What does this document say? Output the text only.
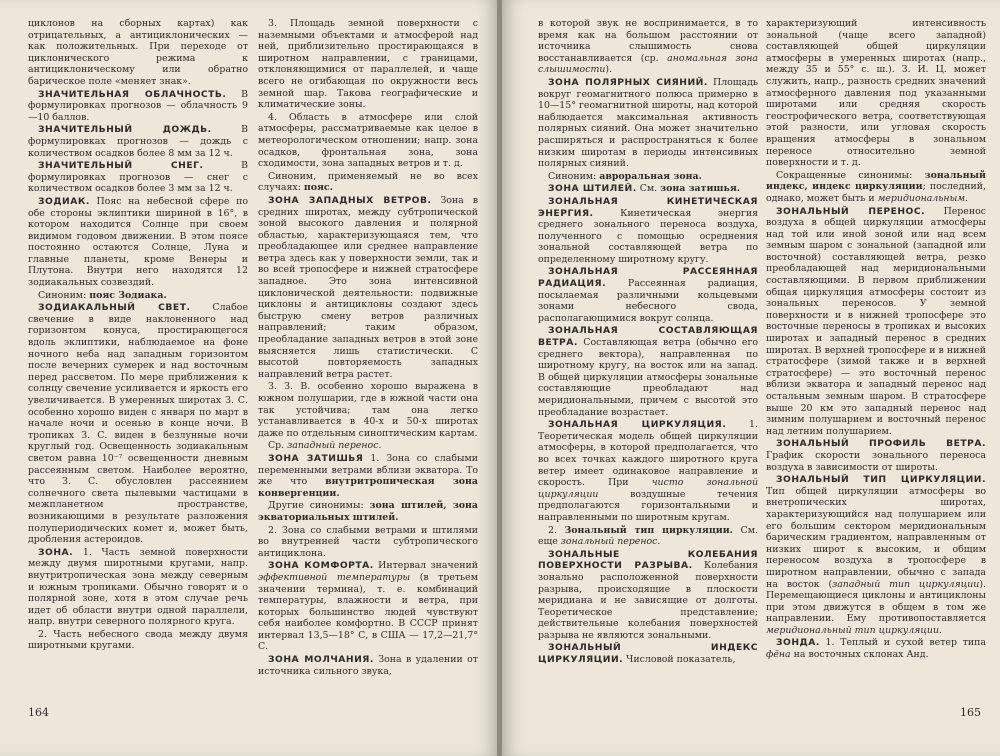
циклонов на сборных картах) как отрицательных, а антициклонических — как положительных. При переходе от циклонического режима к антициклоническому или обратно барическое поле «меняет знак».

ЗНАЧИТЕЛЬНАЯ ОБЛАЧНОСТЬ. В формулировках прогнозов — облачность 9—10 баллов.

ЗНАЧИТЕЛЬНЫЙ ДОЖДЬ. В формулировках прогнозов — дождь с количеством осадков более 8 мм за 12 ч.

ЗНАЧИТЕЛЬНЫЙ СНЕГ. В формулировках прогнозов — снег с количеством осадков более 3 мм за 12 ч.

ЗОДИАК. Пояс на небесной сфере по обе стороны эклиптики шириной в 16°, в котором находится Солнце при своем видимом годовом движении. В этом поясе постоянно остаются Солнце, Луна и главные планеты, кроме Венеры и Плутона. Внутри него находятся 12 зодиакальных созвездий.

Синоним: пояс Зодиака.

ЗОДИАКАЛЬНЫЙ СВЕТ. Слабое свечение в виде наклоненного над горизонтом конуса, простирающегося вдоль эклиптики, наблюдаемое на фоне ночного неба над западным горизонтом после вечерних сумерек и над восточным перед рассветом. По мере приближения к солнцу свечение усиливается и яркость его увеличивается. В умеренных широтах З. С. особенно хорошо виден с января по март в начале ночи и осенью в конце ночи. В тропиках З. С. виден в безлунные ночи круглый год. Освещенность зодиакальным светом равна 10⁻⁷ освещенности дневным рассеянным светом. Наиболее вероятно, что З. С. обусловлен рассеянием солнечного света пылевыми частицами в межпланетном пространстве, возникающими в результате разложения полупериодических комет и, может быть, дробления астероидов.

ЗОНА. 1. Часть земной поверхности между двумя широтными кругами, напр. внутритропическая зона между северным и южным тропиками. Обычно говорят и о полярной зоне, хотя в этом случае речь идет об области внутри одной параллели, напр. внутри северного полярного круга.

2. Часть небесного свода между двумя широтными кругами.

3. Площадь земной поверхности с наземными объектами и атмосферой над ней, приблизительно простирающаяся в широтном направлении, с границами, отклоняющимися от параллелей, и чаще всего не огибающая по окружности весь земной шар. Такова географические и климатические зоны.

4. Область в атмосфере или слой атмосферы, рассматриваемые как целое в метеорологическом отношении; напр. зона осадков, фронтальная зона, зона сходимости, зона западных ветров и т. д.

Синоним, применяемый не во всех случаях: пояс.

ЗОНА ЗАПАДНЫХ ВЕТРОВ. Зона в средних широтах, между субтропической зоной высокого давления и полярной областью, характеризующаяся тем, что преобладающее или среднее направление ветра здесь как у поверхности земли, так и во всей тропосфере и нижней стратосфере западное. Это зона интенсивной циклонической деятельности: подвижные циклоны и антициклоны создают здесь быструю смену ветров различных направлений; таким образом, преобладание западных ветров в этой зоне выясняется лишь статистически. С высотой повторяемость западных направлений ветра растет.

З. З. В. особенно хорошо выражена в южном полушарии, где в южной части она так устойчива; там она легко устанавливается в 40-х и 50-х широтах даже по отдельным синоптическим картам.

Ср. западный перенос.

ЗОНА ЗАТИШЬЯ 1. Зона со слабыми переменными ветрами вблизи экватора. То же что внутритропическая зона конвергенции.

Другие синонимы: зона штилей, зона экваториальных штилей.

2. Зона со слабыми ветрами и штилями во внутренней части субтропического антициклона.

ЗОНА КОМФОРТА. Интервал значений эффективной температуры (в третьем значении термина), т. е. комбинаций температуры, влажности и ветра, при которых большинство людей чувствуют себя наиболее комфортно. В СССР принят интервал 13,5—18° С, в США — 17,2—21,7° С.

ЗОНА МОЛЧАНИЯ. Зона в удалении от источника сильного звука,

164

в которой звук не воспринимается, в то время как на большом расстоянии от источника слышимость снова восстанавливается (ср. аномальная зона слышимости).

ЗОНА ПОЛЯРНЫХ СИЯНИЙ. Площадь вокруг геомагнитного полюса примерно в 10—15° геомагнитной широты, над которой наблюдается максимальная активность полярных сияний. Она может значительно расширяться и распространяться к более низким широтам в периоды интенсивных полярных сияний.

Синоним: авроральная зона.

ЗОНА ШТИЛЕЙ. См. зона затишья.

ЗОНАЛЬНАЯ КИНЕТИЧЕСКАЯ ЭНЕРГИЯ. Кинетическая энергия среднего зонального переноса воздуха, полученного с помощью осреднения зональной составляющей ветра по определенному широтному кругу.

ЗОНАЛЬНАЯ РАССЕЯННАЯ РАДИАЦИЯ. Рассеянная радиация, посылаемая различными кольцевыми зонами небесного свода, располагающимися вокруг солнца.

ЗОНАЛЬНАЯ СОСТАВЛЯЮЩАЯ ВЕТРА. Составляющая ветра (обычно его среднего вектора), направленная по широтному кругу, на восток или на запад. В общей циркуляции атмосферы зональные составляющие преобладают над меридиональными, причем с высотой это преобладание возрастает.

ЗОНАЛЬНАЯ ЦИРКУЛЯЦИЯ. 1. Теоретическая модель общей циркуляции атмосферы, в которой предполагается, что во всех точках каждого широтного круга ветер имеет одинаковое направление и скорость. При чисто зональной циркуляции воздушные течения предполагаются горизонтальными и направленными по широтным кругам.

2. Зональный тип циркуляции. См. еще зональный перенос.

ЗОНАЛЬНЫЕ КОЛЕБАНИЯ ПОВЕРХНОСТИ РАЗРЫВА. Колебания зонально расположенной поверхности разрыва, происходящие в плоскости меридиана и не зависящие от долготы. Теоретическое представление; действительные колебания поверхностей разрыва не являются зональными.

ЗОНАЛЬНЫЙ ИНДЕКС ЦИРКУЛЯЦИИ. Числовой показатель,

характеризующий интенсивность зональной (чаще всего западной) составляющей общей циркуляции атмосферы в умеренных широтах (напр., между 35 и 55° с. ш.). З. И. Ц. может служить, напр., разность средних значений атмосферного давления под указанными широтами или средняя скорость геострофического ветра, соответствующая этой разности, или угловая скорость вращения атмосферы в зональном переносе относительно земной поверхности и т. д.

Сокращенные синонимы: зональный индекс, индекс циркуляции; последний, однако, может быть и меридиональным.

ЗОНАЛЬНЫЙ ПЕРЕНОС. Перенос воздуха в общей циркуляции атмосферы над той или иной зоной или над всем земным шаром с зональной (западной или восточной) составляющей ветра, резко преобладающей над меридиональными составляющими. В первом приближении общая циркуляция атмосферы состоит из зональных переносов. У земной поверхности и в нижней тропосфере это восточные переносы в тропиках и высоких широтах и западный перенос в средних широтах. В верхней тропосфере и в нижней стратосфере (зимой также и в верхней стратосфере) — это восточный перенос вблизи экватора и западный перенос над остальным земным шаром. В стратосфере выше 20 км это западный перенос над зимним полушарием и восточный перенос над летним полушарием.

ЗОНАЛЬНЫЙ ПРОФИЛЬ ВЕТРА. График скорости зонального переноса воздуха в зависимости от широты.

ЗОНАЛЬНЫЙ ТИП ЦИРКУЛЯЦИИ. Тип общей циркуляции атмосферы во внетропических широтах, характеризующийся над полушарием или его большим сектором меридиональным барическим градиентом, направленным от низких широт к высоким, и общим переносом воздуха в тропосфере в широтном направлении, обычно с запада на восток (западный тип циркуляции). Перемещающиеся циклоны и антициклоны при этом движутся в общем в том же направлении. Ему противопоставляется меридиональный тип циркуляции.

ЗОНДА. 1. Теплый и сухой ветер типа фёна на восточных склонах Анд.

165
